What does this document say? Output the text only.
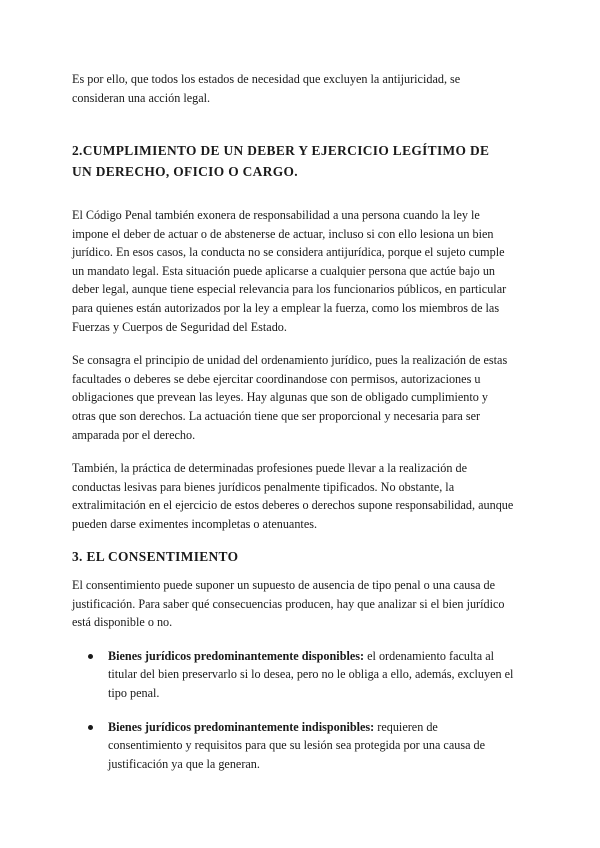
Es por ello, que todos los estados de necesidad que excluyen la antijuricidad, se consideran una acción legal.

2.CUMPLIMIENTO DE UN DEBER Y EJERCICIO LEGÍTIMO DE UN DERECHO, OFICIO O CARGO.

El Código Penal también exonera de responsabilidad a una persona cuando la ley le impone el deber de actuar o de abstenerse de actuar, incluso si con ello lesiona un bien jurídico. En esos casos, la conducta no se considera antijurídica, porque el sujeto cumple un mandato legal. Esta situación puede aplicarse a cualquier persona que actúe bajo un deber legal, aunque tiene especial relevancia para los funcionarios públicos, en particular para quienes están autorizados por la ley a emplear la fuerza, como los miembros de las Fuerzas y Cuerpos de Seguridad del Estado.

Se consagra el principio de unidad del ordenamiento jurídico, pues la realización de estas facultades o deberes se debe ejercitar coordinandose con permisos, autorizaciones u obligaciones que prevean las leyes. Hay algunas que son de obligado cumplimiento y otras que son derechos. La actuación tiene que ser proporcional y necesaria para ser amparada por el derecho.

También, la práctica de determinadas profesiones puede llevar a la realización de conductas lesivas para bienes jurídicos penalmente tipificados. No obstante, la extralimitación en el ejercicio de estos deberes o derechos supone responsabilidad, aunque pueden darse eximentes incompletas o atenuantes.

3. EL CONSENTIMIENTO

El consentimiento puede suponer un supuesto de ausencia de tipo penal o una causa de justificación. Para saber qué consecuencias producen, hay que analizar si el bien jurídico está disponible o no.

Bienes jurídicos predominantemente disponibles: el ordenamiento faculta al titular del bien preservarlo si lo desea, pero no le obliga a ello, además, excluyen el tipo penal.
Bienes jurídicos predominantemente indisponibles: requieren de consentimiento y requisitos para que su lesión sea protegida por una causa de justificación ya que la generan.
